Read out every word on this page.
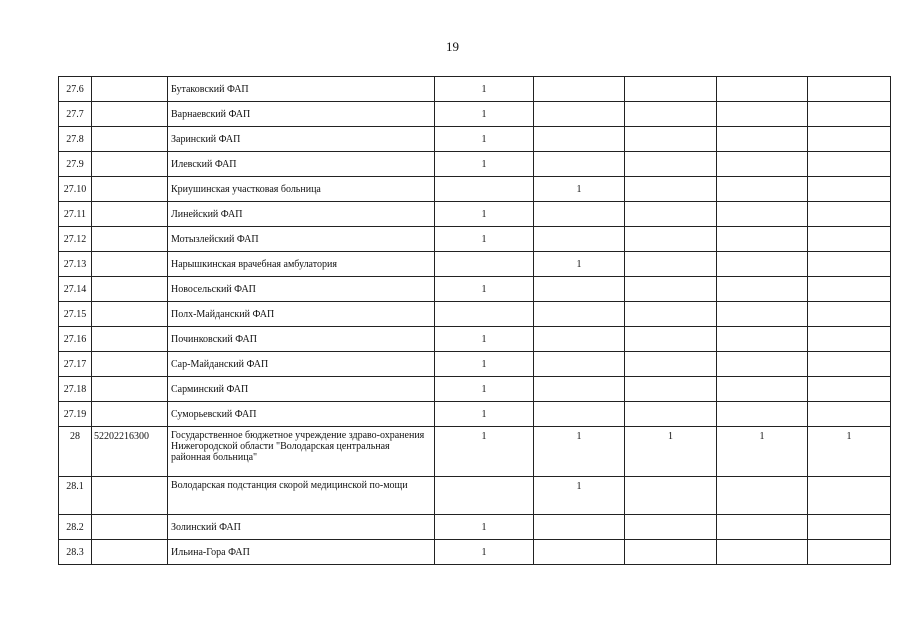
19
27.6		Бутаковский ФАП	1				
27.7		Варнаевский ФАП	1				
27.8		Заринский ФАП	1				
27.9		Илевский ФАП	1				
27.10		Криушинская участковая больница		1			
27.11		Линейский ФАП	1				
27.12		Мотызлейский ФАП	1				
27.13		Нарышкинская врачебная амбулатория		1			
27.14		Новосельский ФАП	1				
27.15		Полх-Майданский ФАП					
27.16		Починковский ФАП	1				
27.17		Сар-Майданский ФАП	1				
27.18		Сарминский ФАП	1				
27.19		Суморьевский ФАП	1				
28	52202216300	Государственное бюджетное учреждение здраво-охранения Нижегородской области "Володарская центральная районная больница"	1	1	1	1	1
28.1		Володарская подстанция скорой медицинской по-мощи		1			
28.2		Золинский ФАП	1				
28.3		Ильина-Гора ФАП	1				
